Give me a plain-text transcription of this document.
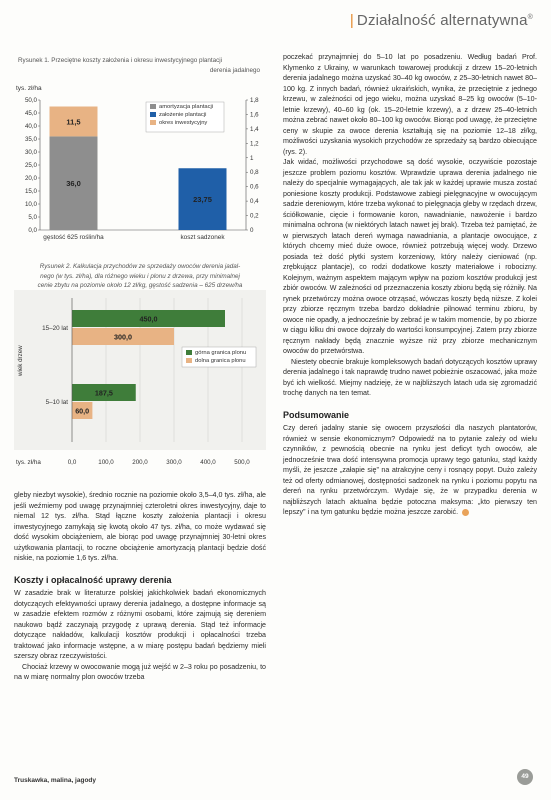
| Działalność alternatywna®
Rysunek 1. Przeciętne koszty założenia i okresu inwestycyjnego plantacji
derenia jadalnego
tys. zł/ha
0,0
5,0
10,0
15,0
20,0
25,0
30,0
35,0
40,0
45,0
50,0
0
0,2
0,4
0,6
0,8
1
1,2
1,4
1,6
1,8
gęstość 625 roślin/ha	koszt sadzonek
36,0
11,5
23,75
amortyzacja plantacji
założenie plantacji
okres inwestycyjny
Rysunek 2. Kalkulacja przychodów ze sprzedaży owoców derenia jadal-
nego (w tys. zł/ha), dla różnego wieku i plonu z drzewa, przy minimalnej
cenie zbytu na poziomie około 12 zł/kg, gęstość sadzenia – 625 drzew/ha
450,0
300,0
187,5
60,0
0,0	100,0	200,0	300,0	400,0	500,0
15–20 lat
5–10 lat
górna granica plonu
dolna granica plonu
wiek drzew
tys. zł/ha

gleby niezbyt wysokie), średnio rocznie na poziomie około 3,5–4,0 tys. zł/ha, ale jeśli weźmiemy pod uwagę przynajmniej czteroletni okres inwestycyjny, daje to niemal 12 tys. zł/ha. Stąd łączne koszty założenia plantacji i okresu inwestycyjnego zamykają się kwotą około 47 tys. zł/ha, co może wydawać się dość wysokim obciążeniem, ale biorąc pod uwagę przynajmniej 30-letni okres użytkowania plantacji, to roczne obciążenie amortyzacją plantacji będzie dość niskie, na poziomie 1,6 tys. zł/ha.

Koszty i opłacalność uprawy derenia

W zasadzie brak w literaturze polskiej jakichkolwiek badań ekonomicznych dotyczących efektywności uprawy derenia jadalnego, a dostępne informacje są w zasadzie efektem rozmów z różnymi osobami, które zajmują się dereniem naukowo bądź zaczynają przygodę z uprawą derenia. Stąd też informacje dotyczące nakładów, kalkulacji kosztów produkcji i opłacalności trzeba traktować jako informacje wstępne, a w miarę postępu badań będziemy mieli szerszy obraz rzeczywistości.

Chociaż krzewy w owocowanie mogą już wejść w 2–3 roku po posadzeniu, to na w miarę normalny plon owoców trzeba

poczekać przynajmniej do 5–10 lat po posadzeniu. Według badań Prof. Klymenko z Ukrainy, w warunkach towarowej produkcji z drzew 15–20-letnich derenia jadalnego można uzyskać 30–40 kg owoców, z 25–30-letnich nawet 80–100 kg. Z innych badań, również ukraińskich, wynika, że przeciętnie z jednego krzewu, w zależności od jego wieku, można uzyskać 8–25 kg owoców (5–10-letnie krzewy), 40–60 kg (ok. 15–20-letnie krzewy), a z drzew 25–40-letnich można zebrać nawet około 80–100 kg owoców. Biorąc pod uwagę, że przeciętne ceny w skupie za owoce derenia kształtują się na poziomie 12–18 zł/kg, możliwości uzyskania wysokich przychodów ze sprzedaży są bardzo obiecujące (rys. 2).

Jak widać, możliwości przychodowe są dość wysokie, oczywiście pozostaje jeszcze problem poziomu kosztów. Wprawdzie uprawa derenia jadalnego nie należy do specjalnie wymagających, ale tak jak w każdej uprawie musza zostać poniesione koszty produkcji. Podstawowe zabiegi pielęgnacyjne w owocującym sadzie dereniowym, które trzeba wykonać to pielęgnacja gleby w rzędach drzew, ściółkowanie, cięcie i formowanie koron, nawadnianie, nawożenie i bardzo minimalna ochrona (w niektórych latach nawet jej brak). Trzeba też pamiętać, że w pierwszych latach dereń wymaga nawadniania, a plantacje owocujące, z których chcemy mieć duże owoce, również potrzebują więcej wody. Drzewo posiada też dość płytki system korzeniowy, który należy cieniować (np. zrębkującz plantacje), co rodzi dodatkowe koszty materiałowe i robocizny. Kolejnym, ważnym aspektem mającym wpływ na poziom kosztów produkcji jest zbiór owoców. W zależności od przeznaczenia koszty zbioru będą się różniły. Na rynek przetwórczy można owoce otrząsać, wówczas koszty będą niższe. Z kolei przy zbiorze ręcznym trzeba bardzo dokładnie pilnować terminu zbioru, by owoce nie opadły, a jednocześnie by zebrać je w takim momencie, by po zbiorze w ciągu kilku dni owoce dojrzały do wartości konsumpcyjnej. Zatem przy zbiorze ręcznym nakłady będą znacznie wyższe niż przy zbiorze mechanicznym owoców do przetwórstwa.

Niestety obecnie brakuje kompleksowych badań dotyczących kosztów uprawy derenia jadalnego i tak naprawdę trudno nawet pobieżnie oszacować, jaka może być ich wielkość. Miejmy nadzieję, że w najbliższych latach uda się zgromadzić trochę danych na ten temat.

Podsumowanie

Czy dereń jadalny stanie się owocem przyszłości dla naszych plantatorów, również w sensie ekonomicznym? Odpowiedź na to pytanie zależy od wielu czynników, z pewnością obecnie na rynku jest deficyt tych owoców, ale jednocześnie trwa dość intensywna promocja uprawy tego gatunku, stąd każdy myśli, że jeszcze „załapie się” na atrakcyjne ceny i rosnący popyt. Dużo zależy też od oferty odmianowej, dostępności sadzonek na rynku i poziomu popytu na dereń na rynku przetwórczym. Wydaje się, że w przypadku derenia w najbliższych latach aktualna będzie potoczna maksyma: „kto pierwszy ten lepszy” i na tym gatunku będzie można jeszcze zarobić.

Truskawka, malina, jagody
49
